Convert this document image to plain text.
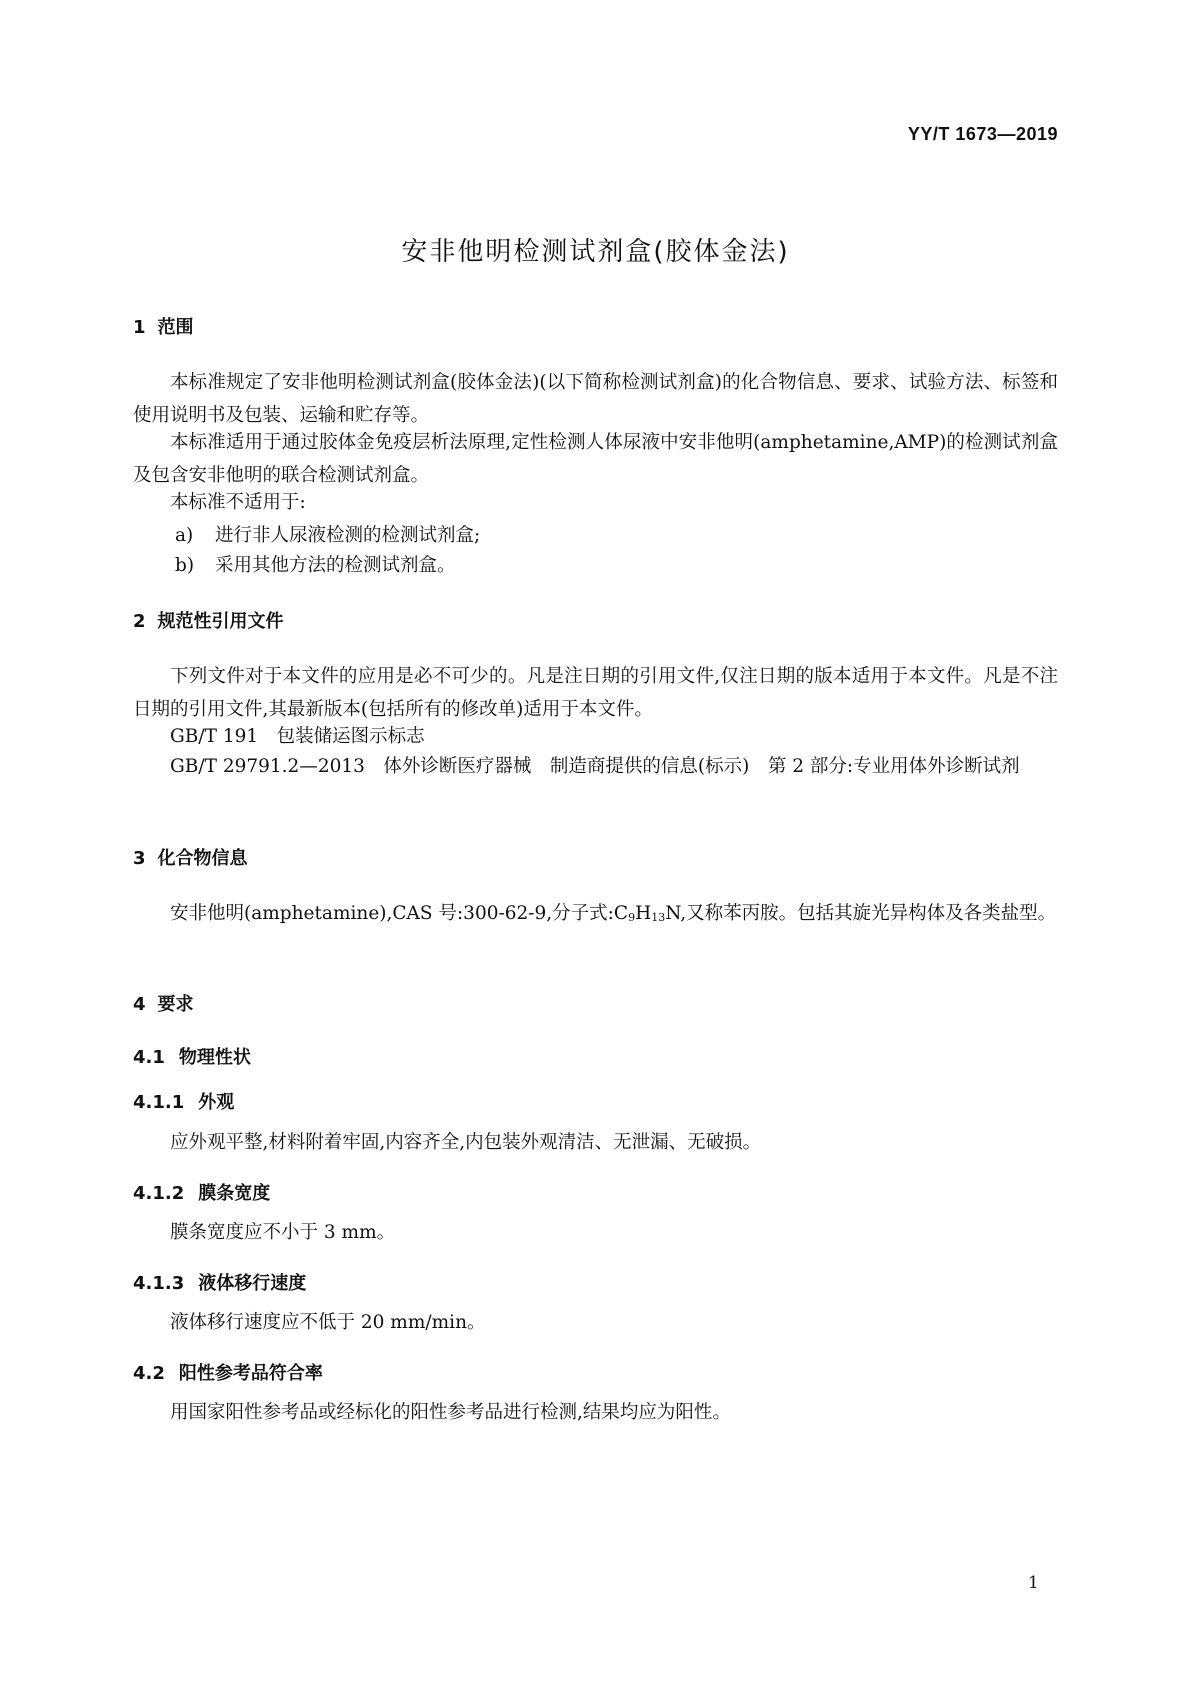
YY/T 1673—2019
安非他明检测试剂盒(胶体金法)
1 范围
本标准规定了安非他明检测试剂盒(胶体金法)(以下简称检测试剂盒)的化合物信息、要求、试验方法、标签和使用说明书及包装、运输和贮存等。
本标准适用于通过胶体金免疫层析法原理,定性检测人体尿液中安非他明(amphetamine,AMP)的检测试剂盒及包含安非他明的联合检测试剂盒。
本标准不适用于:
a) 进行非人尿液检测的检测试剂盒;
b) 采用其他方法的检测试剂盒。
2 规范性引用文件
下列文件对于本文件的应用是必不可少的。凡是注日期的引用文件,仅注日期的版本适用于本文件。凡是不注日期的引用文件,其最新版本(包括所有的修改单)适用于本文件。
GB/T 191　包装储运图示标志
GB/T 29791.2—2013　体外诊断医疗器械　制造商提供的信息(标示)　第 2 部分:专业用体外诊断试剂
3 化合物信息
安非他明(amphetamine),CAS 号:300-62-9,分子式$:C_9H_{13}N$,又称苯丙胺。包括其旋光异构体及各类盐型。
4 要求
4.1 物理性状
4.1.1 外观
应外观平整,材料附着牢固,内容齐全,内包装外观清洁、无泄漏、无破损。
4.1.2 膜条宽度
膜条宽度应不小于 3 mm。
4.1.3 液体移行速度
液体移行速度应不低于 20 mm/min。
4.2 阳性参考品符合率
用国家阳性参考品或经标化的阳性参考品进行检测,结果均应为阳性。
1
